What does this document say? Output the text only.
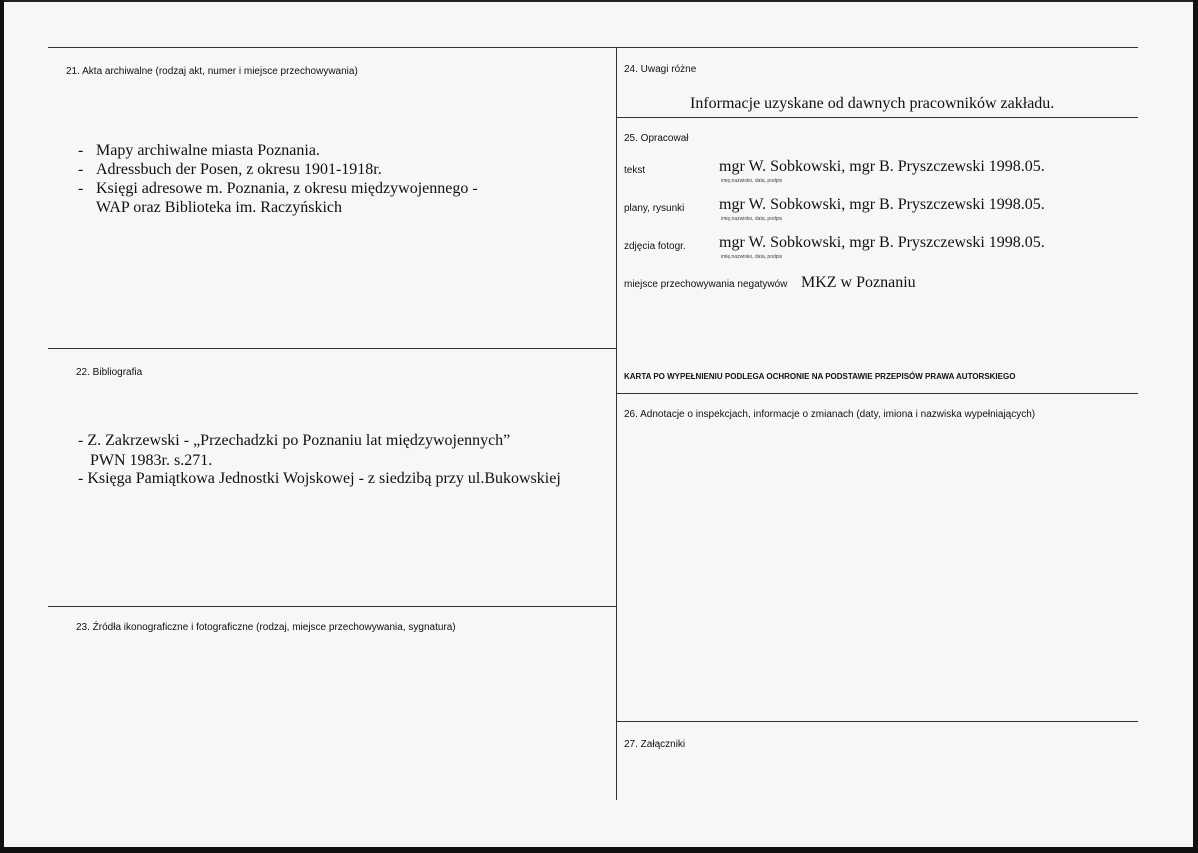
21. Akta archiwalne (rodzaj akt, numer i miejsce przechowywania)
- Mapy archiwalne miasta Poznania.
- Adressbuch der Posen, z okresu 1901-1918r.
- Księgi adresowe m. Poznania, z okresu międzywojennego -
WAP oraz Biblioteka im. Raczyńskich
22. Bibliografia
- Z. Zakrzewski - „Przechadzki po Poznaniu lat międzywojennych”
PWN 1983r. s.271.
- Księga Pamiątkowa Jednostki Wojskowej - z siedzibą przy ul.Bukowskiej
23. Źródła ikonograficzne i fotograficzne (rodzaj, miejsce przechowywania, sygnatura)
24. Uwagi różne
Informacje uzyskane od dawnych pracowników zakładu.
25. Opracował
tekst	mgr W. Sobkowski, mgr B. Pryszczewski 1998.05.
imię,nazwisko, data, podpis
plany, rysunki mgr W. Sobkowski, mgr B. Pryszczewski 1998.05.
imię,nazwisko, data, podpis
zdjęcia fotogr. mgr W. Sobkowski, mgr B. Pryszczewski 1998.05.
imię,nazwisko, data, podpis
miejsce przechowywania negatywów MKZ w Poznaniu
KARTA PO WYPEŁNIENIU PODLEGA OCHRONIE NA PODSTAWIE PRZEPISÓW PRAWA AUTORSKIEGO
26. Adnotacje o inspekcjach, informacje o zmianach (daty, imiona i nazwiska wypełniających)
27. Załączniki
